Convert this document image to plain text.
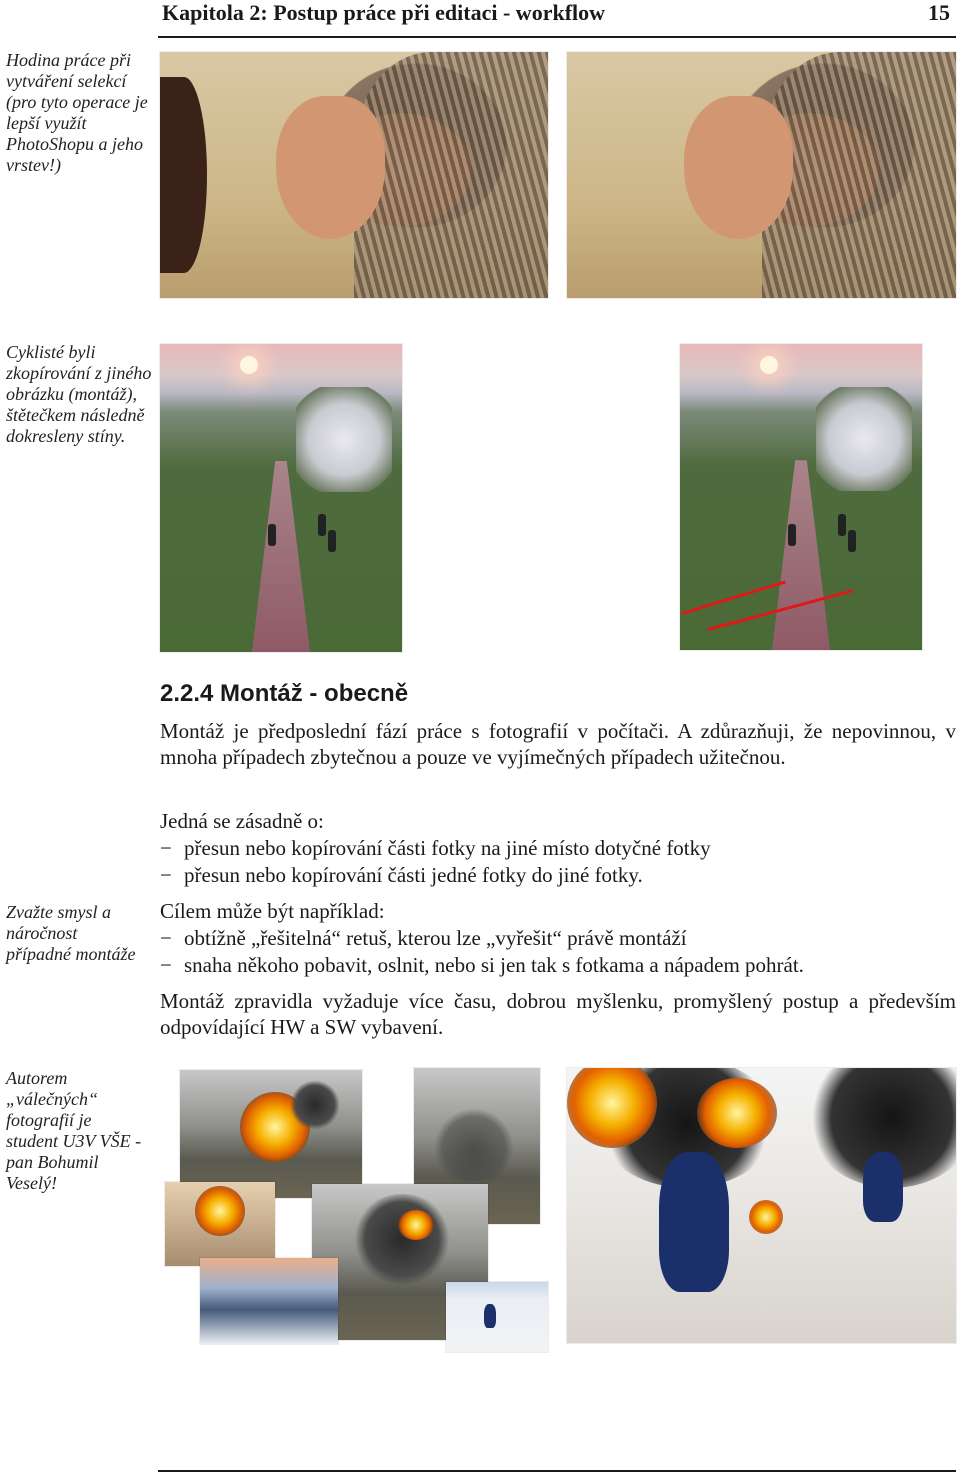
Kapitola 2: Postup práce při editaci - workflow	15
Hodina práce při vytváření selekcí (pro tyto operace je lepší využít PhotoShopu a jeho vrstev!)
Cyklisté byli zkopírování z jiného obrázku (montáž), štětečkem následně dokresleny stíny.
Zvažte smysl a náročnost případné montáže
Autorem „válečných“ fotografií je student U3V VŠE - pan Bohumil Veselý!
2.2.4 Montáž - obecně
Montáž je předposlední fází práce s fotografií v počítači. A zdůrazňuji, že nepovinnou, v mnoha případech zbytečnou a pouze ve vyjímečných případech užitečnou.
Jedná se zásadně o:
− přesun nebo kopírování části fotky na jiné místo dotyčné fotky
− přesun nebo kopírování části jedné fotky do jiné fotky.
Cílem může být například:
− obtížně „řešitelná“ retuš, kterou lze „vyřešit“ právě montáží
− snaha někoho pobavit, oslnit, nebo si jen tak s fotkama a nápadem pohrát.
Montáž zpravidla vyžaduje více času, dobrou myšlenku, promyšlený postup a především odpovídající HW a SW vybavení.
